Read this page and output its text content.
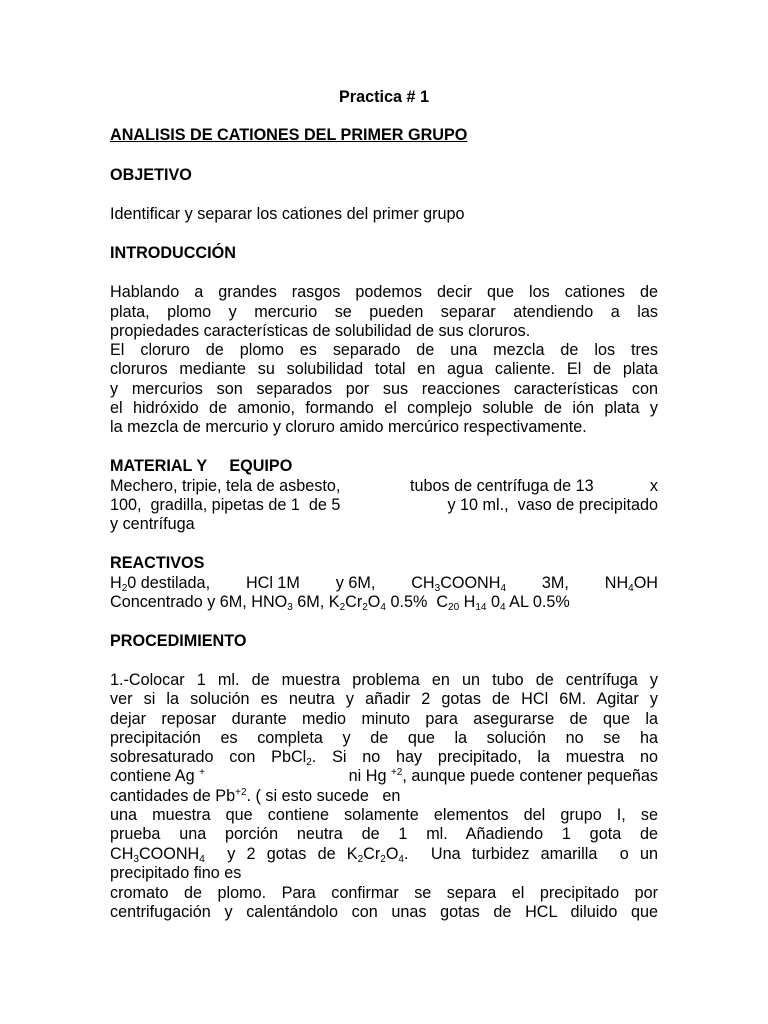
Practica # 1
ANALISIS DE CATIONES DEL PRIMER GRUPO
OBJETIVO
Identificar y separar los cationes del primer grupo
INTRODUCCIÓN
Hablando a grandes rasgos podemos decir que los cationes de
plata, plomo y mercurio se pueden separar atendiendo a las
propiedades características de solubilidad de sus cloruros.
El cloruro de plomo es separado de una mezcla de los tres
cloruros mediante su solubilidad total en agua caliente. El de plata
y mercurios son separados por sus reacciones características con
el hidróxido de amonio, formando el complejo soluble de ión plata y
la mezcla de mercurio y cloruro amido mercúrico respectivamente.
MATERIAL Y     EQUIPO
Mechero, tripie, tela de asbesto,	tubos de centrífuga de 13	x
100,  gradilla, pipetas de 1  de 5	y 10 ml.,  vaso de precipitado
y centrífuga
REACTIVOS
$H_20$ destilada, HCl 1M y 6M, $CH_3COONH_4$ 3M, $NH_4OH$
Concentrado y 6M, $HNO_3$ 6M, $K_2Cr_2O_4$ 0.5%  $C_{20}$ $H_{14}$ $0_4$ AL 0.5%
PROCEDIMIENTO
1.-Colocar 1 ml. de muestra problema en un tubo de centrífuga y
ver si la solución es neutra y añadir 2 gotas de HCl 6M. Agitar y
dejar reposar durante medio minuto para asegurarse de que la
precipitación es completa y de que la solución no se ha
sobresaturado con PbCl$_2$. Si no hay precipitado, la muestra no
contiene Ag +	ni Hg $^{+2}$, aunque puede contener pequeñas
cantidades de $Pb^{+2}$. ( si esto sucede   en
una muestra que contiene solamente elementos del grupo I, se
prueba una porción neutra de 1 ml. Añadiendo 1 gota de
$CH_3COONH_4$  y 2 gotas de $K_2Cr_2O_4$.  Una turbidez amarilla  o un
precipitado fino es
cromato de plomo. Para confirmar se separa el precipitado por
centrifugación y calentándolo con unas gotas de HCL diluido que
